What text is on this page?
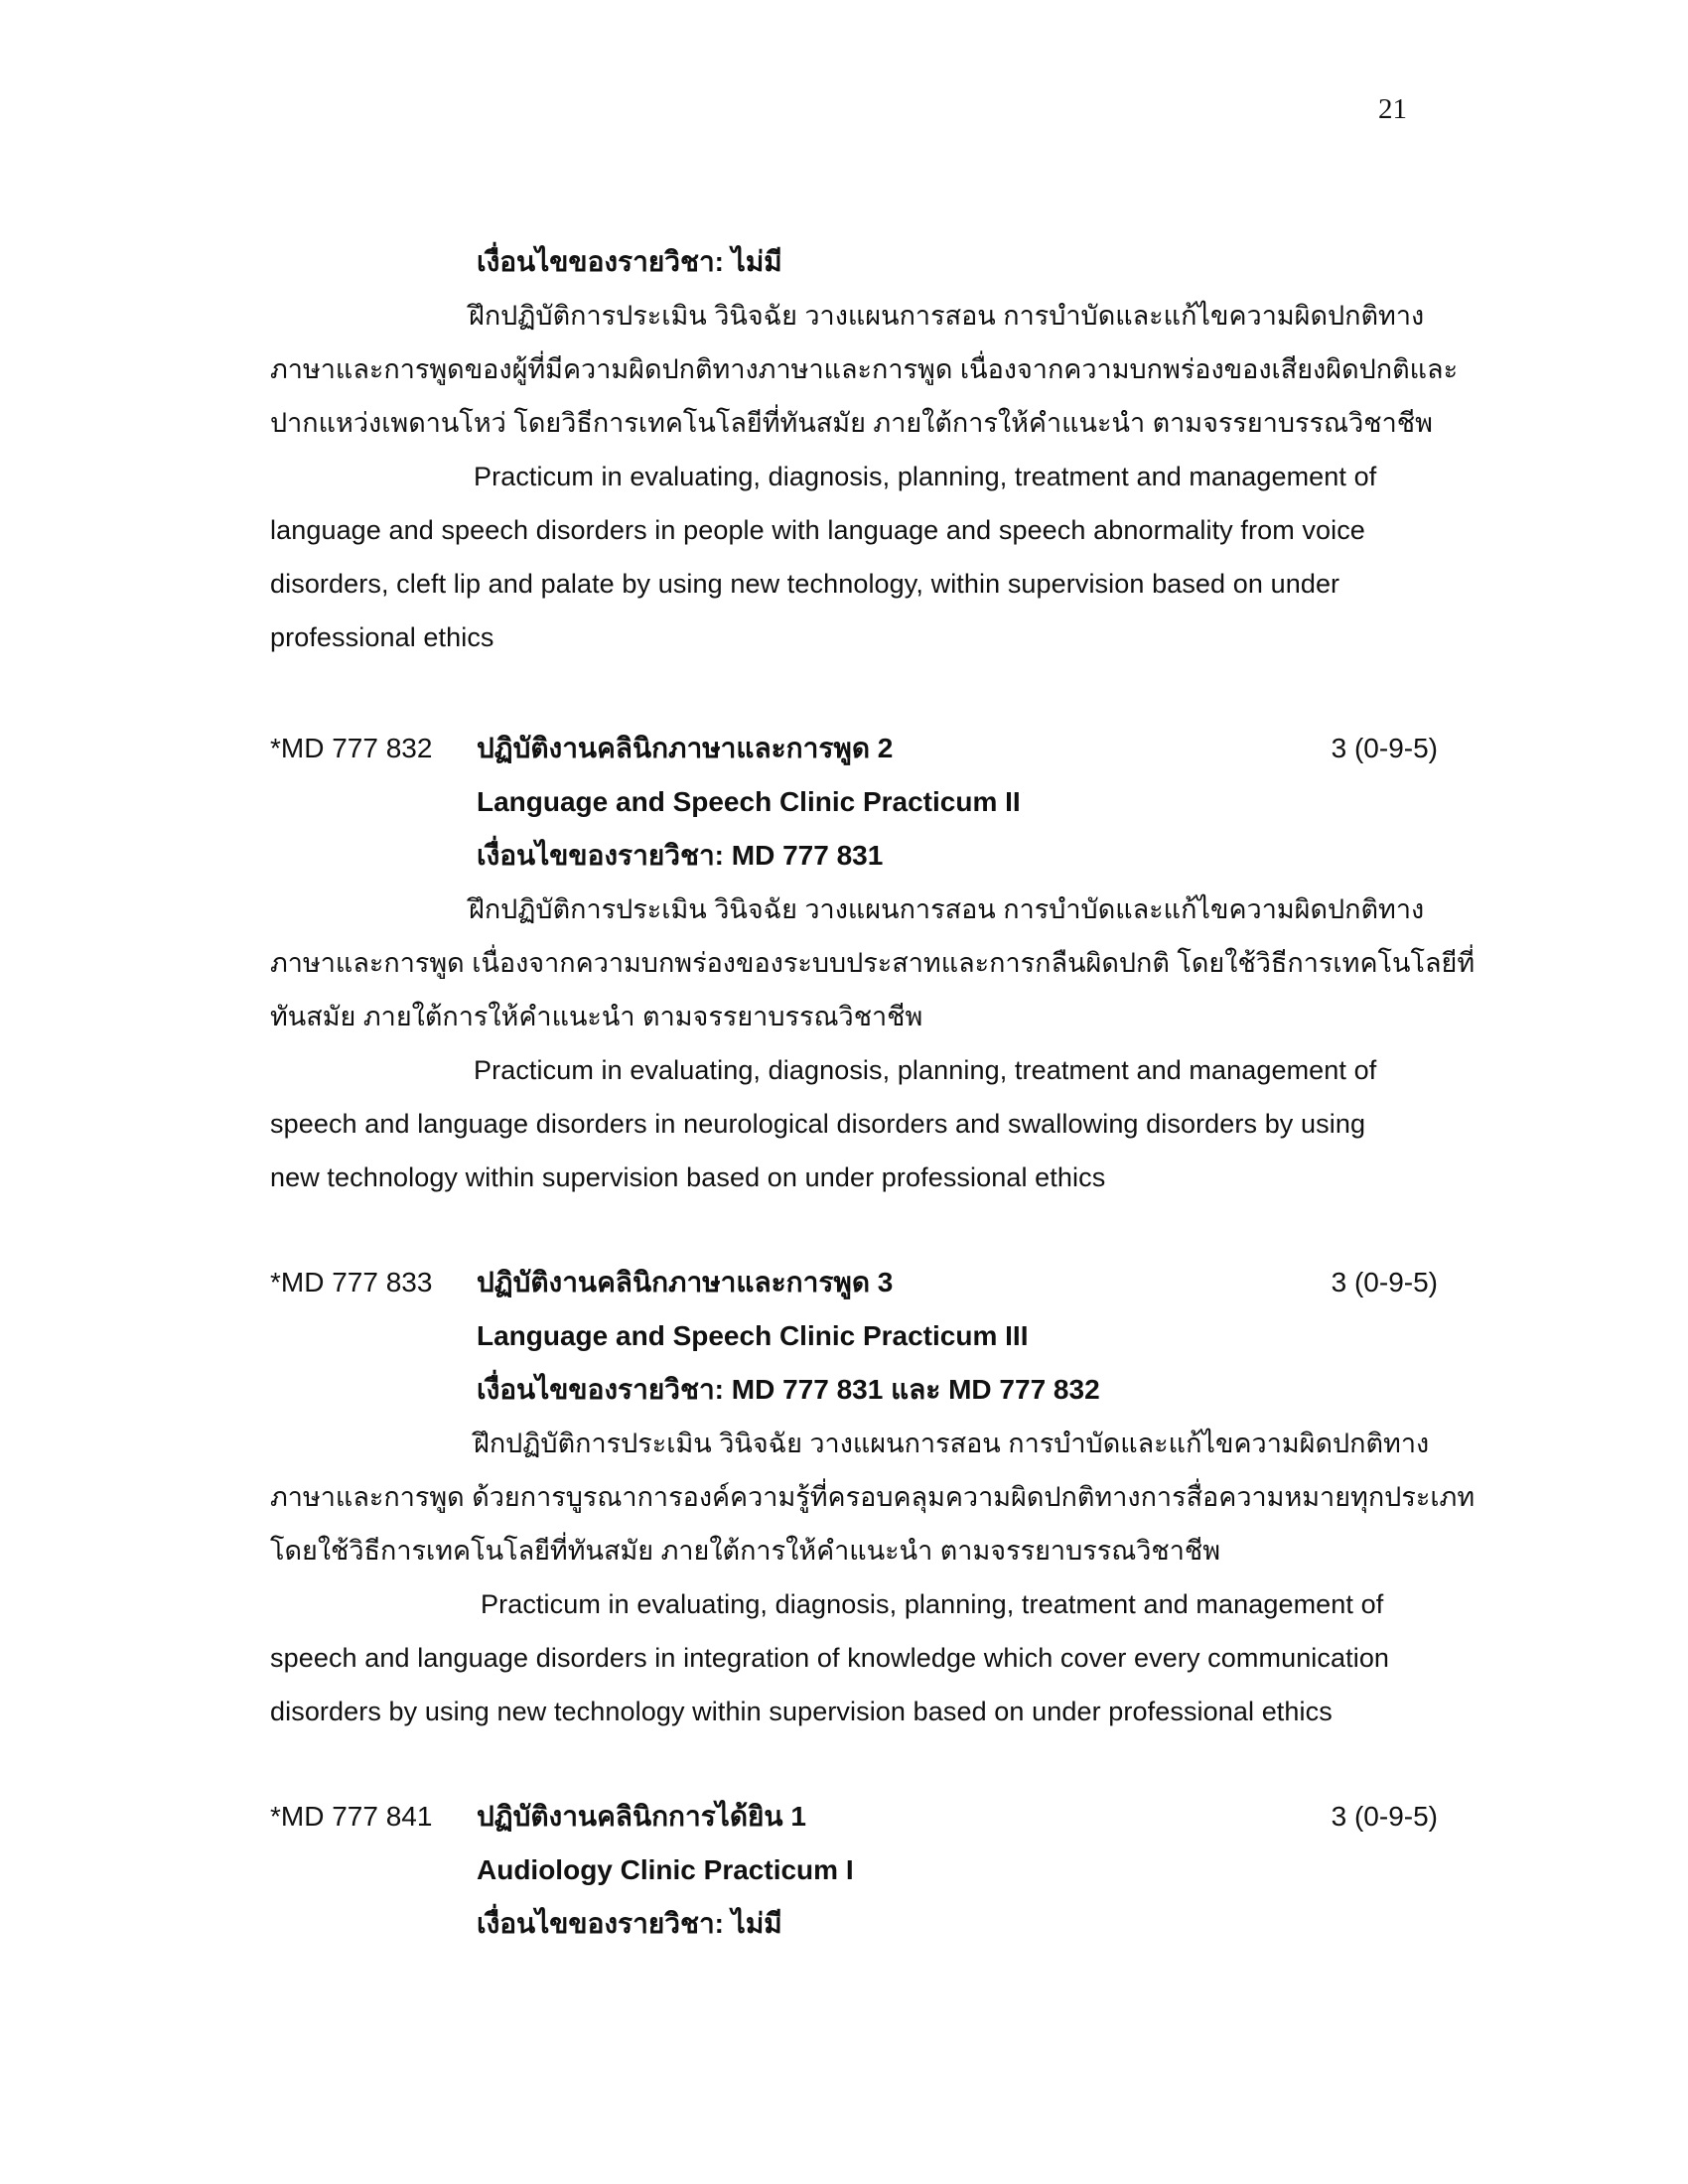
21
เงื่อนไขของรายวิชา: ไม่มี
ฝึกปฏิบัติการประเมิน วินิจฉัย วางแผนการสอน การบำบัดและแก้ไขความผิดปกติทาง
ภาษาและการพูดของผู้ที่มีความผิดปกติทางภาษาและการพูด เนื่องจากความบกพร่องของเสียงผิดปกติและ
ปากแหว่งเพดานโหว่ โดยวิธีการเทคโนโลยีที่ทันสมัย ภายใต้การให้คำแนะนำ ตามจรรยาบรรณวิชาชีพ
Practicum in evaluating, diagnosis, planning, treatment and management of
language and speech disorders in people with language and speech abnormality from voice
disorders, cleft lip and palate by using new technology, within supervision based on under
professional ethics
*MD 777 832 ปฏิบัติงานคลินิกภาษาและการพูด 2	3 (0-9-5)
Language and Speech Clinic Practicum II
เงื่อนไขของรายวิชา: MD 777 831
ฝึกปฏิบัติการประเมิน วินิจฉัย วางแผนการสอน การบำบัดและแก้ไขความผิดปกติทาง
ภาษาและการพูด เนื่องจากความบกพร่องของระบบประสาทและการกลืนผิดปกติ โดยใช้วิธีการเทคโนโลยีที่
ทันสมัย ภายใต้การให้คำแนะนำ ตามจรรยาบรรณวิชาชีพ
Practicum in evaluating, diagnosis, planning, treatment and management of
speech and language disorders in neurological disorders and swallowing disorders by using
new technology within supervision based on under professional ethics
*MD 777 833 ปฏิบัติงานคลินิกภาษาและการพูด 3	3 (0-9-5)
Language and Speech Clinic Practicum III
เงื่อนไขของรายวิชา: MD 777 831 และ MD 777 832
ฝึกปฏิบัติการประเมิน วินิจฉัย วางแผนการสอน การบำบัดและแก้ไขความผิดปกติทาง
ภาษาและการพูด ด้วยการบูรณาการองค์ความรู้ที่ครอบคลุมความผิดปกติทางการสื่อความหมายทุกประเภท
โดยใช้วิธีการเทคโนโลยีที่ทันสมัย ภายใต้การให้คำแนะนำ ตามจรรยาบรรณวิชาชีพ
Practicum in evaluating, diagnosis, planning, treatment and management of
speech and language disorders in integration of knowledge which cover every communication
disorders by using new technology within supervision based on under professional ethics
*MD 777 841 ปฏิบัติงานคลินิกการได้ยิน 1	3 (0-9-5)
Audiology Clinic Practicum I
เงื่อนไขของรายวิชา: ไม่มี
